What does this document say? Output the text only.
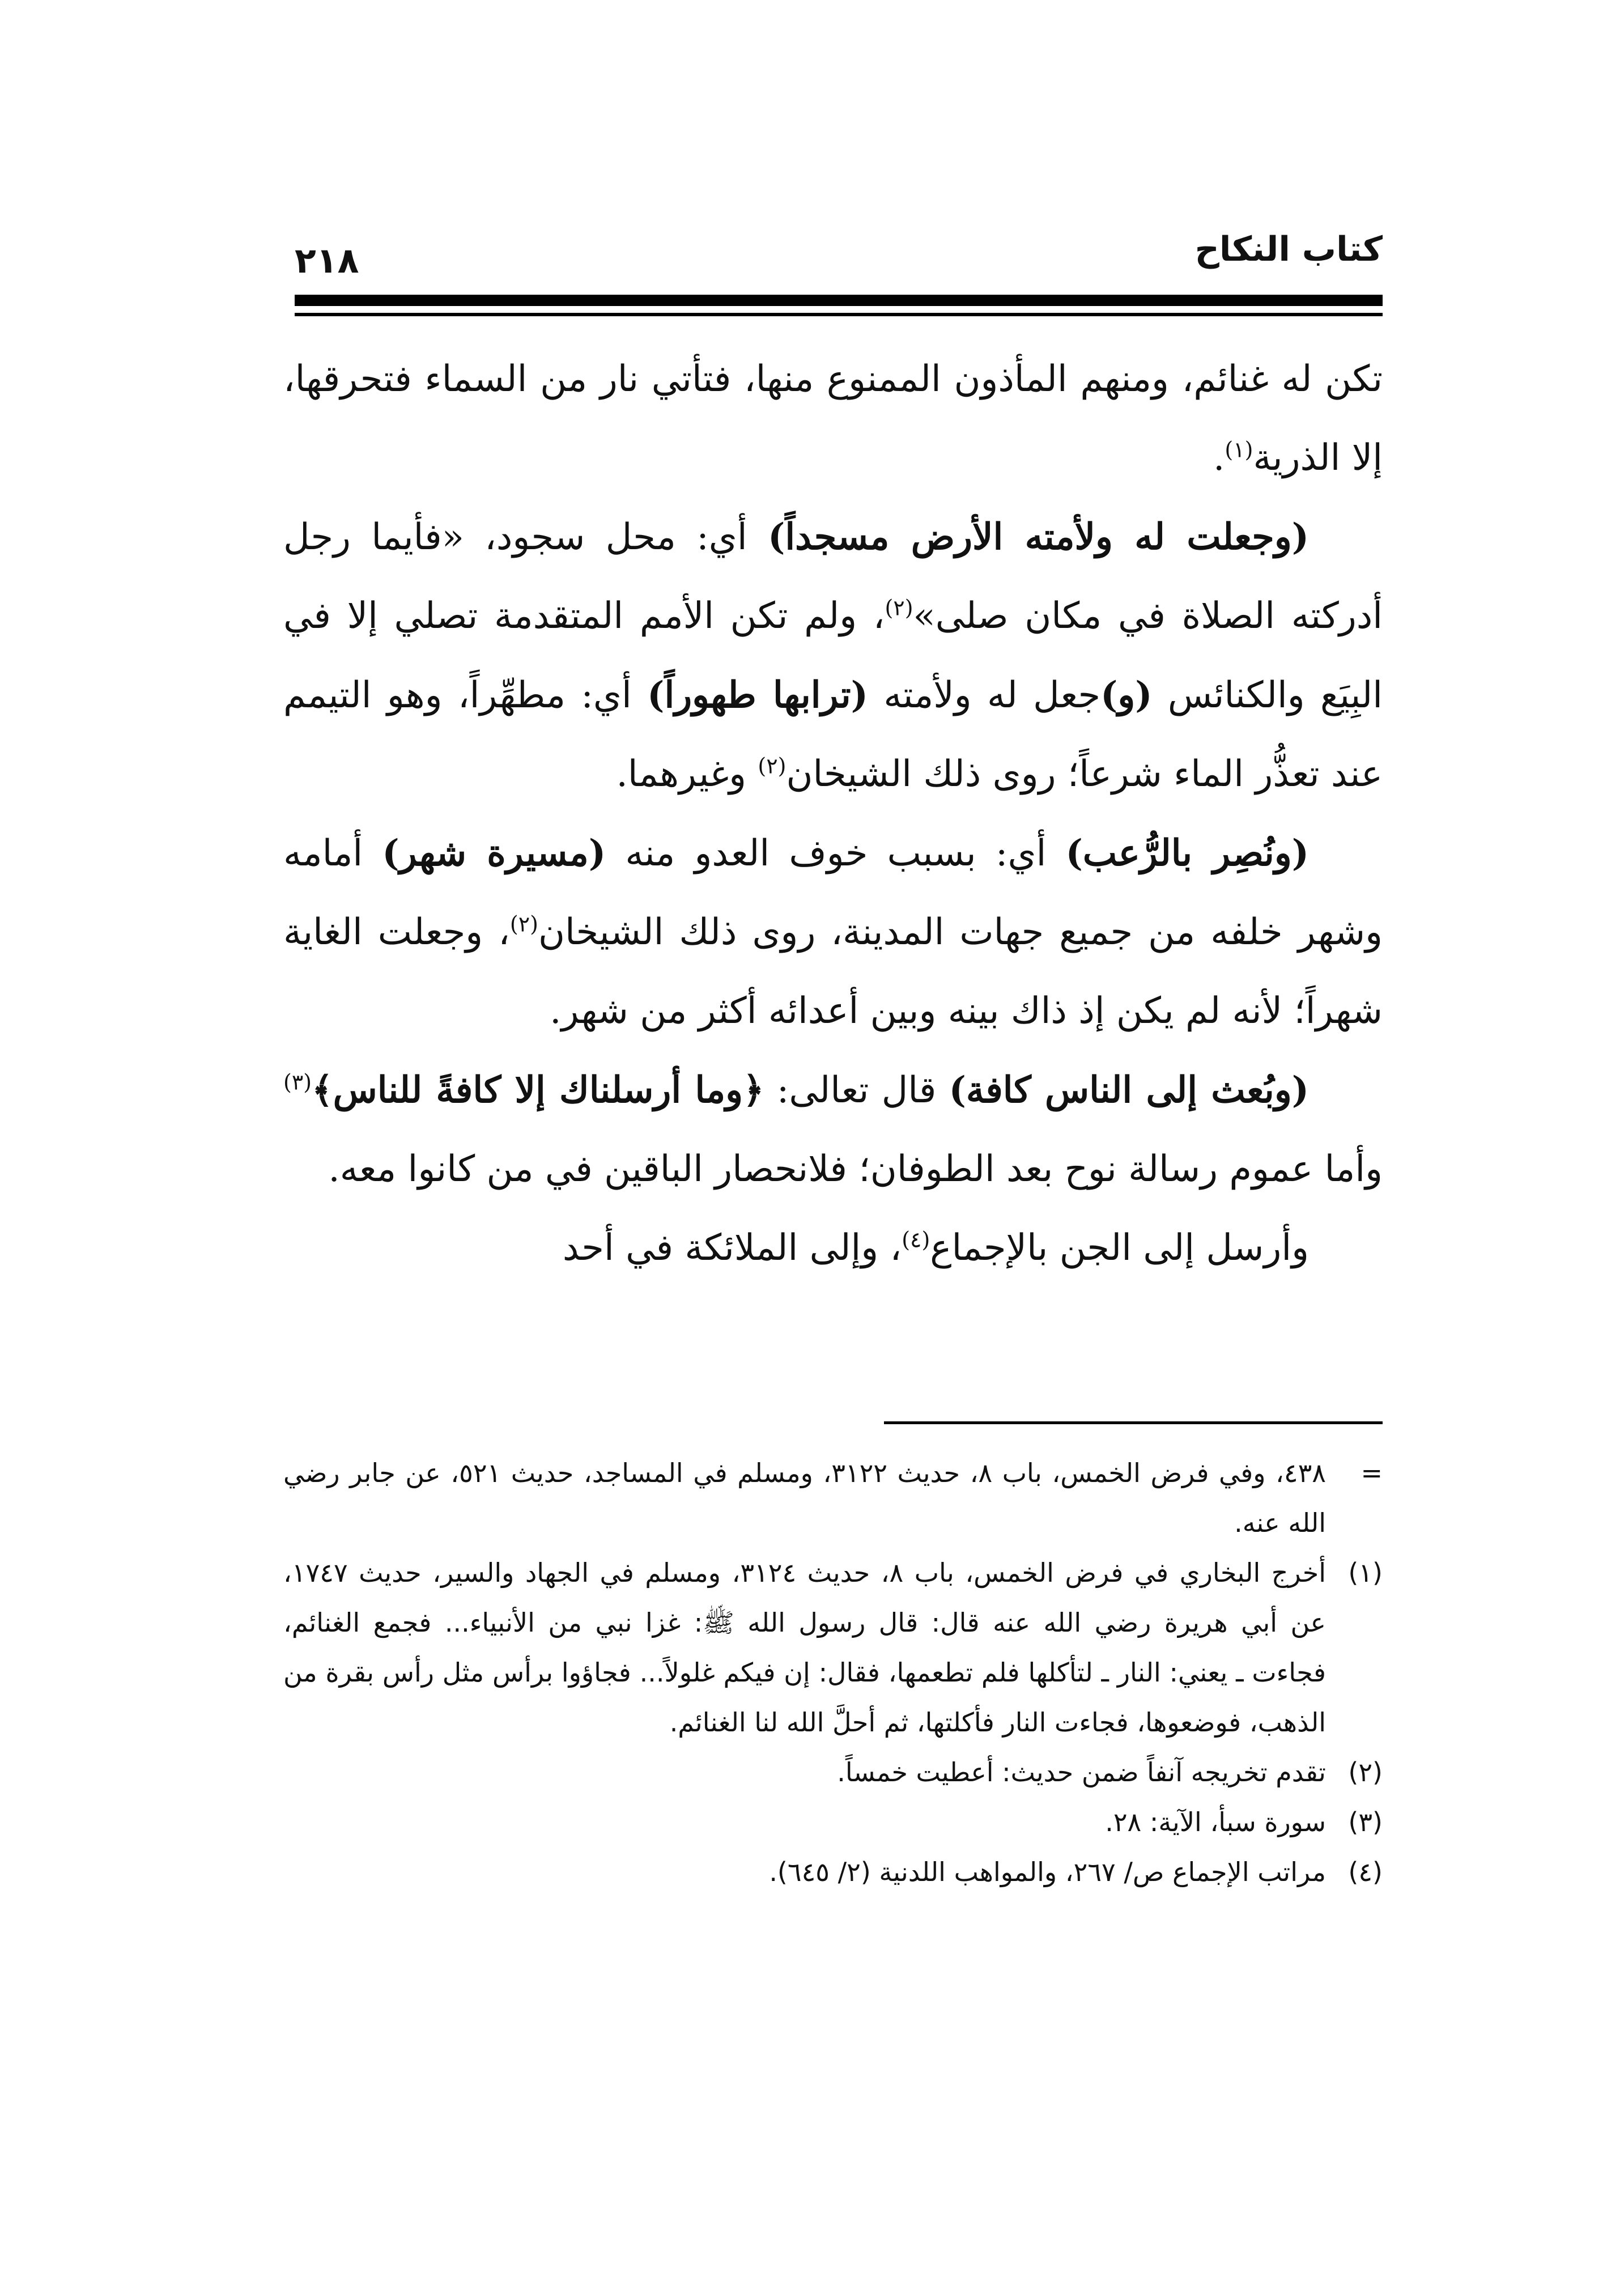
كتاب النكاح
٢١٨

تكن له غنائم، ومنهم المأذون الممنوع منها، فتأتي نار من السماء فتحرقها، إلا الذرية$^{(١)}$.

(وجعلت له ولأمته الأرض مسجداً) أي: محل سجود، «فأيما رجل أدركته الصلاة في مكان صلى»$^{(٢)}$، ولم تكن الأمم المتقدمة تصلي إلا في البِيَع والكنائس (و)جعل له ولأمته (ترابها طهوراً) أي: مطهِّراً، وهو التيمم عند تعذُّر الماء شرعاً؛ روى ذلك الشيخان$^{(٢)}$ وغيرهما.

(ونُصِر بالرُّعب) أي: بسبب خوف العدو منه (مسيرة شهر) أمامه وشهر خلفه من جميع جهات المدينة، روى ذلك الشيخان$^{(٢)}$، وجعلت الغاية شهراً؛ لأنه لم يكن إذ ذاك بينه وبين أعدائه أكثر من شهر.

(وبُعث إلى الناس كافة) قال تعالى: ﴿وما أرسلناك إلا كافةً للناس﴾$^{(٣)}$ وأما عموم رسالة نوح بعد الطوفان؛ فلانحصار الباقين في من كانوا معه.

وأرسل إلى الجن بالإجماع$^{(٤)}$، وإلى الملائكة في أحد

=٤٣٨، وفي فرض الخمس، باب ٨، حديث ٣١٢٢، ومسلم في المساجد، حديث ٥٢١، عن جابر رضي الله عنه.

(١)أخرج البخاري في فرض الخمس، باب ٨، حديث ٣١٢٤، ومسلم في الجهاد والسير، حديث ١٧٤٧، عن أبي هريرة رضي الله عنه قال: قال رسول الله ﷺ: غزا نبي من الأنبياء... فجمع الغنائم، فجاءت ـ يعني: النار ـ لتأكلها فلم تطعمها، فقال: إن فيكم غلولاً... فجاؤوا برأس مثل رأس بقرة من الذهب، فوضعوها، فجاءت النار فأكلتها، ثم أحلَّ الله لنا الغنائم.

(٢)تقدم تخريجه آنفاً ضمن حديث: أعطيت خمساً.

(٣)سورة سبأ، الآية: ٢٨.

(٤)مراتب الإجماع ص/ ٢٦٧، والمواهب اللدنية (٢/ ٦٤٥).
